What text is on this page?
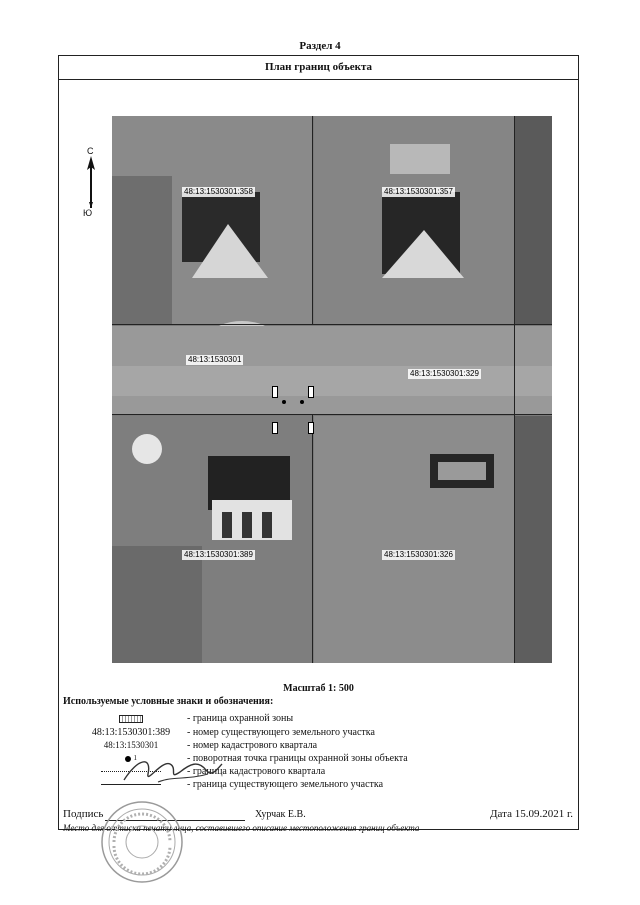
Раздел 4
План границ объекта
С
Ю
48:13:1530301:358	48:13:1530301:357
48:13:1530301
48:13:1530301:329
48:13:1530301:389	48:13:1530301:326
Масштаб 1: 500
Используемые условные знаки и обозначения:
- граница охранной зоны
48:13:1530301:389	- номер существующего земельного участка
48:13:1530301	- номер кадастрового квартала
$^1$	- поворотная точка границы охранной зоны объекта
- граница кадастрового квартала
- граница существующего земельного участка
Подпись	Хурчак Е.В.	Дата 15.09.2021 г.
Место для оттиска печати лица, составившего описание местоположения границ объекта
